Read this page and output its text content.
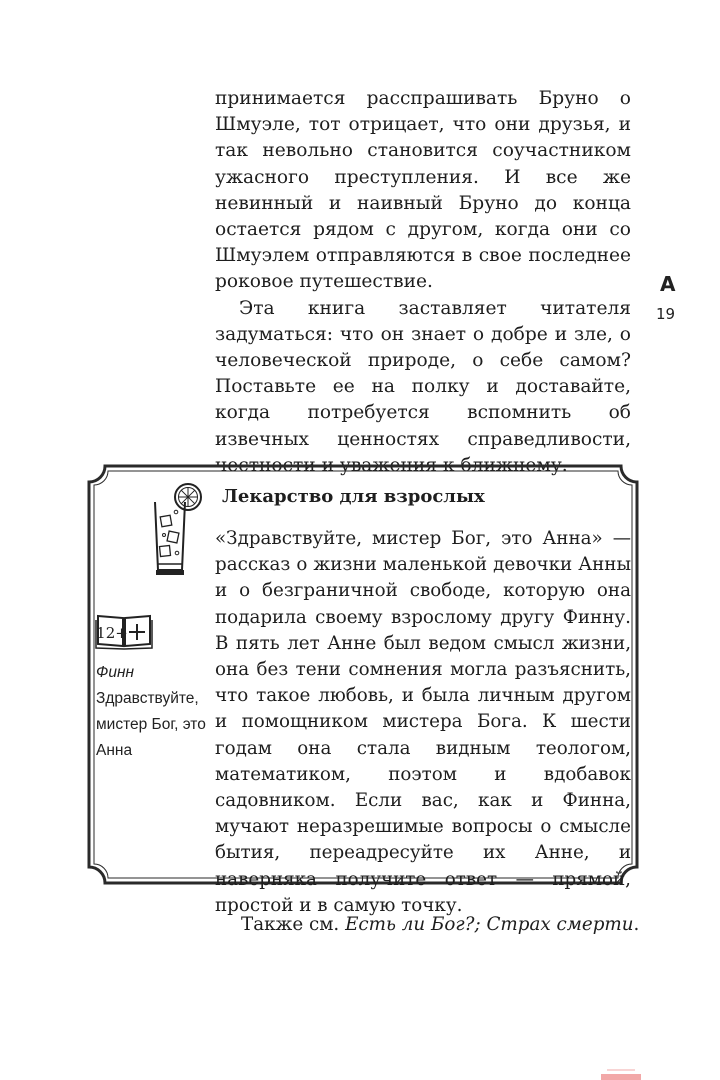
принимается расспрашивать Бруно о Шмуэле, тот отрицает, что они друзья, и так невольно становится соучастником ужасного преступления. И все же невинный и наивный Бруно до конца остается рядом с другом, когда они со Шмуэлем отправляются в свое последнее роковое путешествие.

Эта книга заставляет читателя задуматься: что он знает о добре и зле, о человеческой природе, о себе самом? Поставьте ее на полку и доставайте, когда потребуется вспомнить об извечных ценностях справедливости, честности и уважения к ближнему.

А
19
12+
Лекарство для взрослых

«Здравствуйте, мистер Бог, это Анна» — рассказ о жизни маленькой девочки Анны и о безграничной свободе, которую она подарила своему взрослому другу Финну. В пять лет Анне был ведом смысл жизни, она без тени сомнения могла разъяснить, что такое любовь, и была личным другом и помощником мистера Бога. К шести годам она стала видным теологом, математиком, поэтом и вдобавок садовником. Если вас, как и Финна, мучают неразрешимые вопросы о смысле бытия, переадресуйте их Анне, и наверняка получите ответ — прямой, простой и в самую точку.

Финн
Здравствуйте, мистер Бог, это Анна

Также см. Есть ли Бог?; Страх смерти.
